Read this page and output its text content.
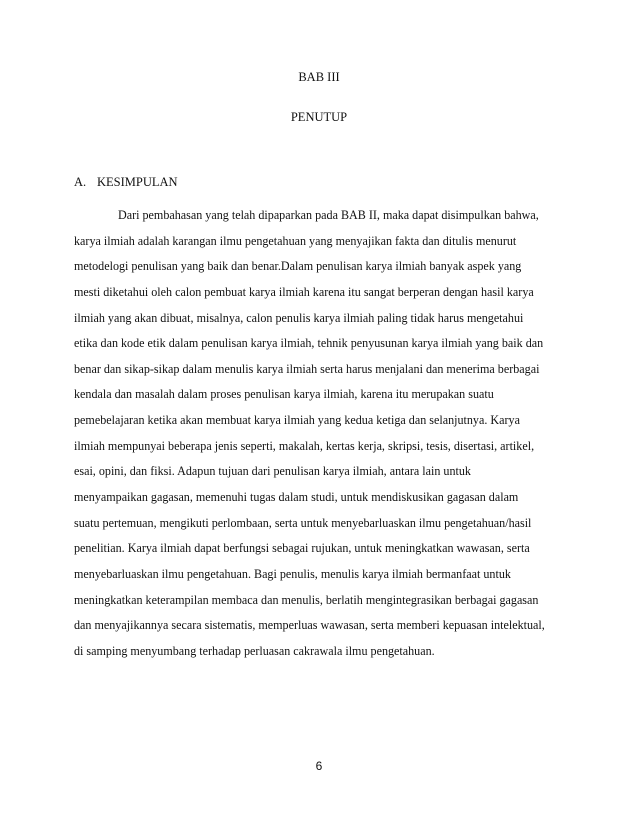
BAB III
PENUTUP
A. KESIMPULAN
Dari pembahasan yang telah dipaparkan pada BAB II, maka dapat disimpulkan bahwa,
karya ilmiah adalah karangan ilmu pengetahuan yang menyajikan fakta dan ditulis menurut
metodelogi penulisan yang baik dan benar.Dalam penulisan karya ilmiah banyak aspek yang
mesti diketahui oleh calon pembuat karya ilmiah karena itu sangat berperan dengan hasil karya
ilmiah yang akan dibuat, misalnya, calon penulis karya ilmiah paling tidak harus mengetahui
etika dan kode etik dalam penulisan karya ilmiah, tehnik penyusunan karya ilmiah yang baik dan
benar dan sikap-sikap dalam menulis karya ilmiah serta harus menjalani dan menerima berbagai
kendala dan masalah dalam proses penulisan karya ilmiah, karena itu merupakan suatu
pemebelajaran ketika akan membuat karya ilmiah yang kedua ketiga dan selanjutnya. Karya
ilmiah mempunyai beberapa jenis seperti, makalah, kertas kerja, skripsi, tesis, disertasi, artikel,
esai, opini, dan fiksi. Adapun tujuan dari penulisan karya ilmiah, antara lain untuk
menyampaikan gagasan, memenuhi tugas dalam studi, untuk mendiskusikan gagasan dalam
suatu pertemuan, mengikuti perlombaan, serta untuk menyebarluaskan ilmu pengetahuan/hasil
penelitian. Karya ilmiah dapat berfungsi sebagai rujukan, untuk meningkatkan wawasan, serta
menyebarluaskan ilmu pengetahuan. Bagi penulis, menulis karya ilmiah bermanfaat untuk
meningkatkan keterampilan membaca dan menulis, berlatih mengintegrasikan berbagai gagasan
dan menyajikannya secara sistematis, memperluas wawasan, serta memberi kepuasan intelektual,
di samping menyumbang terhadap perluasan cakrawala ilmu pengetahuan.
6
